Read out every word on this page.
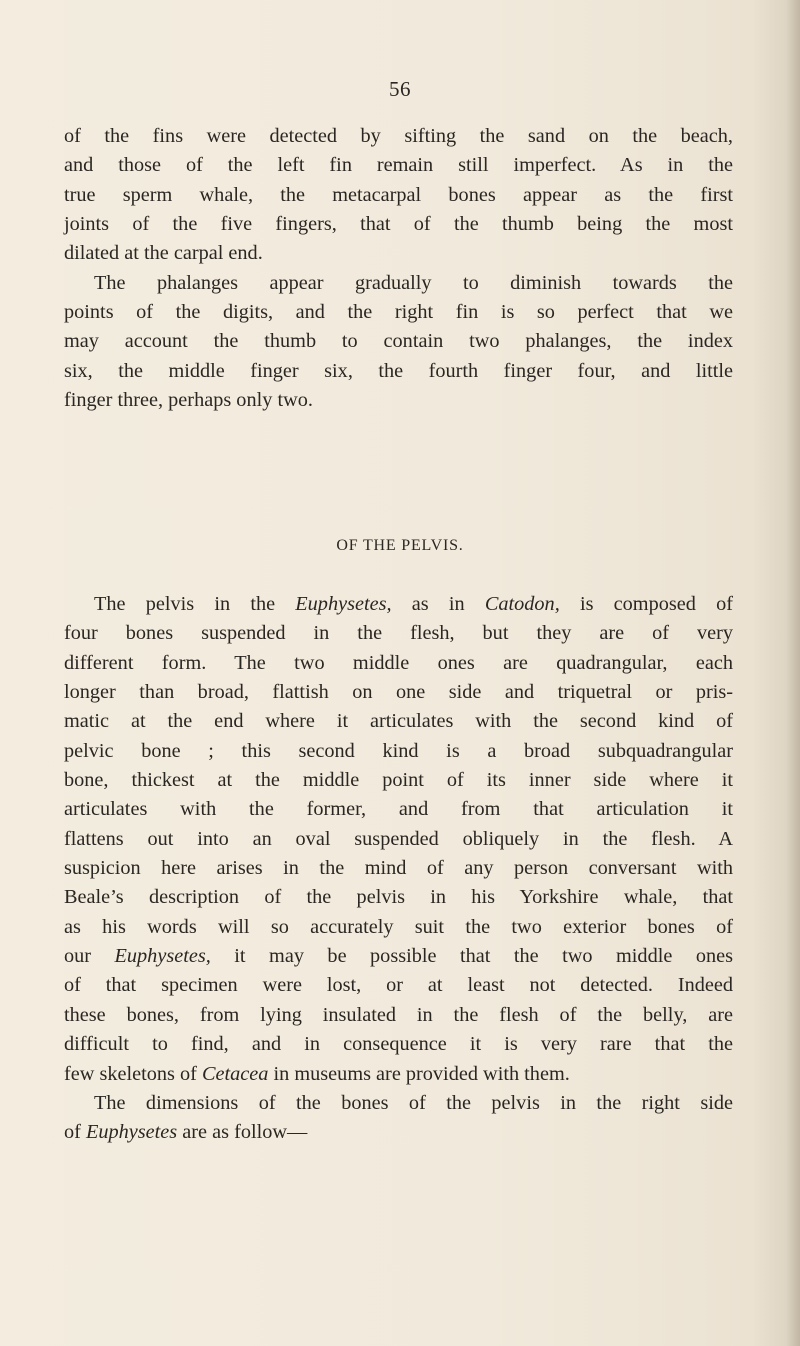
56
of the fins were detected by sifting the sand on the beach,
and those of the left fin remain still imperfect. As in the
true sperm whale, the metacarpal bones appear as the first
joints of the five fingers, that of the thumb being the most
dilated at the carpal end.
The phalanges appear gradually to diminish towards the
points of the digits, and the right fin is so perfect that we
may account the thumb to contain two phalanges, the index
six, the middle finger six, the fourth finger four, and little
finger three, perhaps only two.
OF THE PELVIS.
The pelvis in the Euphysetes, as in Catodon, is composed of
four bones suspended in the flesh, but they are of very
different form. The two middle ones are quadrangular, each
longer than broad, flattish on one side and triquetral or pris-
matic at the end where it articulates with the second kind of
pelvic bone ; this second kind is a broad subquadrangular
bone, thickest at the middle point of its inner side where it
articulates with the former, and from that articulation it
flattens out into an oval suspended obliquely in the flesh. A
suspicion here arises in the mind of any person conversant with
Beale’s description of the pelvis in his Yorkshire whale, that
as his words will so accurately suit the two exterior bones of
our Euphysetes, it may be possible that the two middle ones
of that specimen were lost, or at least not detected. Indeed
these bones, from lying insulated in the flesh of the belly, are
difficult to find, and in consequence it is very rare that the
few skeletons of Cetacea in museums are provided with them.
The dimensions of the bones of the pelvis in the right side
of Euphysetes are as follow—
